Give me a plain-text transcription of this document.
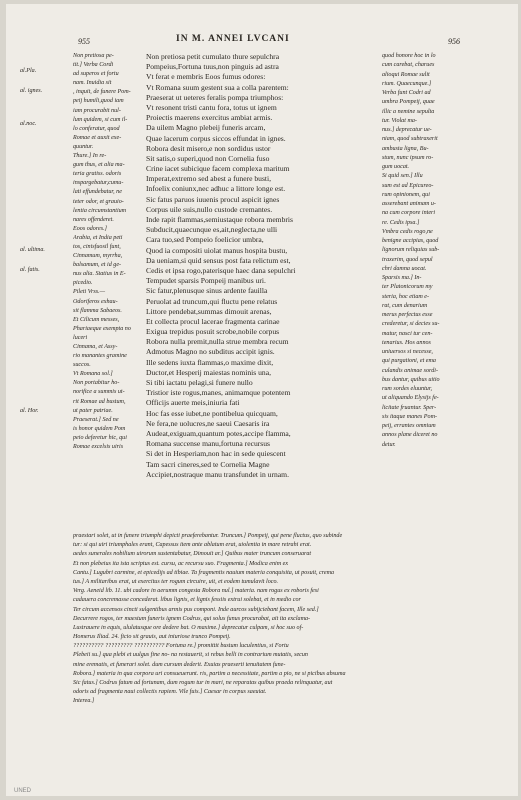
955	IN M. ANNEI LVCANI	956
al.Pla.
al. ignes.
al.noc.
al. ultima.
al. fatis.
al. Hor.
Non pretiosa pe-
tit.] Verba Cordi
ad superos et fortu
nam. Inuidia sit
, inquit, de funere Pom-
peij humili,quod iam
iam procurabit nul-
lum quidem, si cum il-
lo conferatur, quod
Romae et auxit exe-
quuntur.
Thure.] In re-
gum thus, et alia ma-
teria gratiss. odoris
inspargebatur,cumu-
lati effundebatur, ne
teter odor, et grauio-
lentia circumstantium
nares offenderet.
Eoos odores.]
Arabia, et India peti
tos, cinisfuosil funt,
Cinnamum, myrrha,
balsamum, et id ge-
nus alia. Statius in E-
picedio.
Pileti Vrss.—
Odoriferos exhau-
sit flamma Sabaeos.
Et Cilicum messes,
Phariaeque exempta no
luceri
Cinnama, et Assy-
rio manantes gramine
succos.
Vt Romana sol.]
Non portabitur ho-
norifice a summis ut-
rit Romae ad bustum,
ut pater patriae.
Praeserat.] Sed ne
is honor quidem Pom
peio deferetur hic, qui
Romae excelsis uiris
Non pretiosa petit cumulato thure sepulchra
Pompeius,Fortuna tuus,non pinguis ad astra
Vt ferat e membris Eoos fumus odores:
Vt Romana suum gestent sua a colla parentem:
Praeserat ut ueteres feralis pompa triumphos:
Vt resonent tristi cantu fora, totus ut ignem
Proiectis maerens exercitus ambiat armis.
Da uilem Magno plebeij funeris arcam,
Quae lacerum corpus siccos effundat in ignes.
Robora desit misero,e non sordidus ustor
Sit satis,o superi,quod non Cornelia fuso
Crine iacet subicique facem complexa maritum
Imperat,extremo sed abest a funere busti,
Infoelix coniunx,nec adhuc a littore longe est.
Sic fatus paruos iuuenis procul aspicit ignes
Corpus uile suis,nullo custode cremantes.
Inde rapit flammas,semiustaque robora membris
Subducit,quaecunque es,ait,neglecta,ne ulli
Cara tuo,sed Pompeio foelicior umbra,
Quod ia compositi uiolat manus hospita bustu,
Da ueniam,si quid sensus post fata relictum est,
Cedis et ipsa rogo,paterisque haec dana sepulchri
Tempudet sparsis Pompeij manibus uri.
Sic fatur,plenusque sinus ardente fauilla
Peruolat ad truncum,qui fluctu pene relatus
Littore pendebat,summas dimouit arenas,
Et collecta procul lacerae fragmenta carinae
Exigua trepidus posuit scrobe,nobile corpus
Robora nulla premit,nulla strue membra recum
Admotus Magno no subditus accipit ignis.
Ille sedens iuxta flammas,o maxime dixit,
Ductor,et Hesperij maiestas nominis una,
Si tibi iactatu pelagi,si funere nullo
Tristior iste rogus,manes, animamque potentem
Officijs auerte meis,iniuria fati
Hoc fas esse iubet,ne pontibelua quicquam,
Ne fera,ne uolucres,ne saeui Caesaris ira
Audeat,exiguam,quantum potes,accipe flamma,
Romana succense manu,fortuna recursus
Si det in Hesperiam,non hac in sede quiescent
Tam sacri cineres,sed te Cornelia Magne
Accipiet,nostraque manu transfundet in urnam.
quod honore hoc in lo
cum carebat, charues
alioqui Romae sulit
rium. Quaecunque.]
Verba funt Codri ad
umbra Pompeij, quae
illic a nemine sepulta
tur. Violat ma-
nus.] deprecatur ue-
niam, quod subtraxerit
ambusta ligna, Bu-
stum, nunc ipsum ro-
gum uocat.
Si quid sen.] Illu
sum est ad Epicureo-
rum opinionem, qui
asserebant animam u-
na cum corpore interi
re. Cedis ipsa.]
Vmbra cedis rogo,ne
benigne accipias, quod
lignorum reliquias sub-
traxerim, quod sepul
chri damna uocat.
Sparsis ma.] In-
ter Platonicorum my
steria, hoc etiam e-
rat, cum denarium
merus perfectus esse
crederetur, si decies su-
matur, nasci tur cen-
tenarius. Hos annos
uniuersos si necesse,
qui purgationi, et ema
culandis animae sordi-
bus dantur, quibus uitio
rum sordes eluuntur,
ut aliquando Elysijs fe-
licitate fruantur. Sper-
sis itaque manes Pom-
peij, errantes omnium
annos plane diceret no
detur.
praestari solet, ut in funere triumphi depicti praeferebantur. Truncum.] Pompeij, qui pene fluctus, quo subinde
tur: si qui uiri triumphales erant, Capessus item ante ablatum erat, uiolentia in mare retrahi erat.
aedes sunerales nobilium uirorum sustentabatur, Dimouit ar.] Quibus mater truncum conseruarat
Et non plebeius ita ista scriptus est. cursu, ac recursu suo. Fragmenta.] Modica enim ex
Cantu.] Lugubri carmine, et epicedijs ad tibiae. Ta fragmentis nauium materia conquisita, ut posuit, crema
tus.] A militaribus erat, ut exercitus ter rogum circuire, uit, et eodem tumulavit loco.
Verg. Aeneid lib. 11. ubi cadore in aerumm congesta Robora nul.] materia. nam rogus ex roboris fesi
cadauera concremasse concederat. libus lignis, et lignis fessiis extrui solebat, et in medio cor
Ter circum accensos cincti sulgentibus armis pus componi. Inde aurcos subijciebant facem, Ille sed.]
Decurrere rogos, ter maestum funeris ignem Codrus, qui solus funus procurabat, ait ita exclama-
Lustrauere in equis, ululatusque ore dedere bat. O maxime.] deprecatur culpam, si hoc suo of-
Homerus Iliad. 24. ficio sit grauis, aut iniuriose trunco Pompeij.
?????????? ????????? ?????????? Fortuna re.] promittit bustum luculentius, si Fortu
Plebeii su.] qua plebi et uulgus fine no- na restauerit, si rebus belli in contrarium mutatis, secun
mine erematis, et funerari solet. dum cursum dederit. Exuias praeserti tenuitatem fune-
Robora.] materia in qua corpora uri consueuerunt. ris, partim a necessitate, partim a pio, ne si picibus absuma
Sic fatus.] Codrus fatum ad fortunam, dum rogum tur in mari, ne reparatas quibus praeda relinquatur, aut
odoris ad fragmenta naui collectis rapiem. Vile fuis.] Caesar in corpus saeuiat.
Interea.]
UNED
